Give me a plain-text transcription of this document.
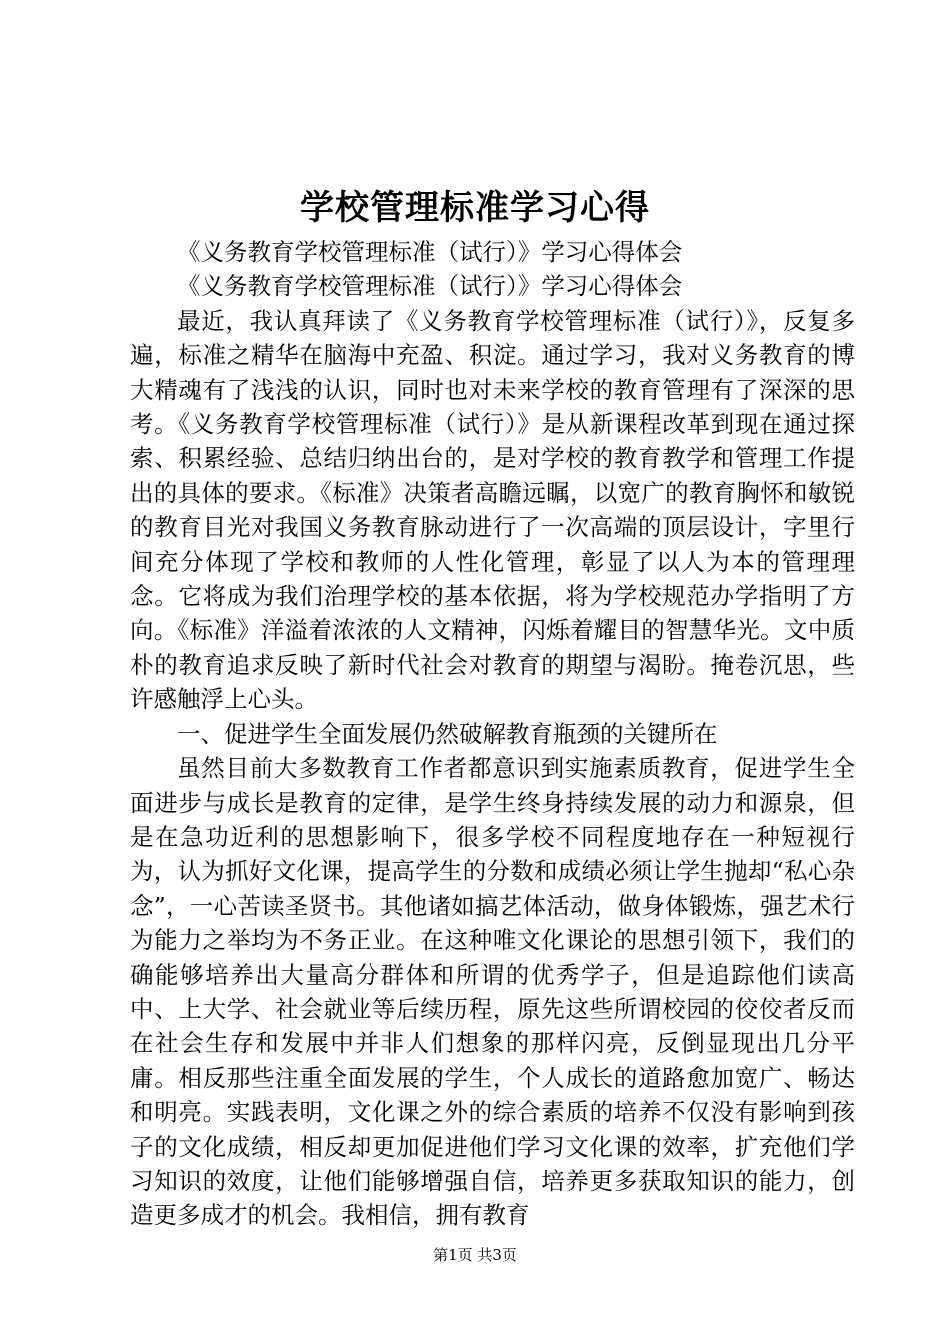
学校管理标准学习心得

《义务教育学校管理标准（试行）》学习心得体会

《义务教育学校管理标准（试行）》学习心得体会

最近，我认真拜读了《义务教育学校管理标准（试行）》，反复多遍，标准之精华在脑海中充盈、积淀。通过学习，我对义务教育的博大精魂有了浅浅的认识，同时也对未来学校的教育管理有了深深的思考。《义务教育学校管理标准（试行）》是从新课程改革到现在通过探索、积累经验、总结归纳出台的，是对学校的教育教学和管理工作提出的具体的要求。《标准》决策者高瞻远瞩，以宽广的教育胸怀和敏锐的教育目光对我国义务教育脉动进行了一次高端的顶层设计，字里行间充分体现了学校和教师的人性化管理，彰显了以人为本的管理理念。它将成为我们治理学校的基本依据，将为学校规范办学指明了方向。《标准》洋溢着浓浓的人文精神，闪烁着耀目的智慧华光。文中质朴的教育追求反映了新时代社会对教育的期望与渴盼。掩卷沉思，些许感触浮上心头。

一、促进学生全面发展仍然破解教育瓶颈的关键所在

虽然目前大多数教育工作者都意识到实施素质教育，促进学生全面进步与成长是教育的定律，是学生终身持续发展的动力和源泉，但是在急功近利的思想影响下，很多学校不同程度地存在一种短视行为，认为抓好文化课，提高学生的分数和成绩必须让学生抛却“私心杂念”，一心苦读圣贤书。其他诸如搞艺体活动，做身体锻炼，强艺术行为能力之举均为不务正业。在这种唯文化课论的思想引领下，我们的确能够培养出大量高分群体和所谓的优秀学子，但是追踪他们读高中、上大学、社会就业等后续历程，原先这些所谓校园的佼佼者反而在社会生存和发展中并非人们想象的那样闪亮，反倒显现出几分平庸。相反那些注重全面发展的学生，个人成长的道路愈加宽广、畅达和明亮。实践表明，文化课之外的综合素质的培养不仅没有影响到孩子的文化成绩，相反却更加促进他们学习文化课的效率，扩充他们学习知识的效度，让他们能够增强自信，培养更多获取知识的能力，创造更多成才的机会。我相信，拥有教育

第1页 共3页
